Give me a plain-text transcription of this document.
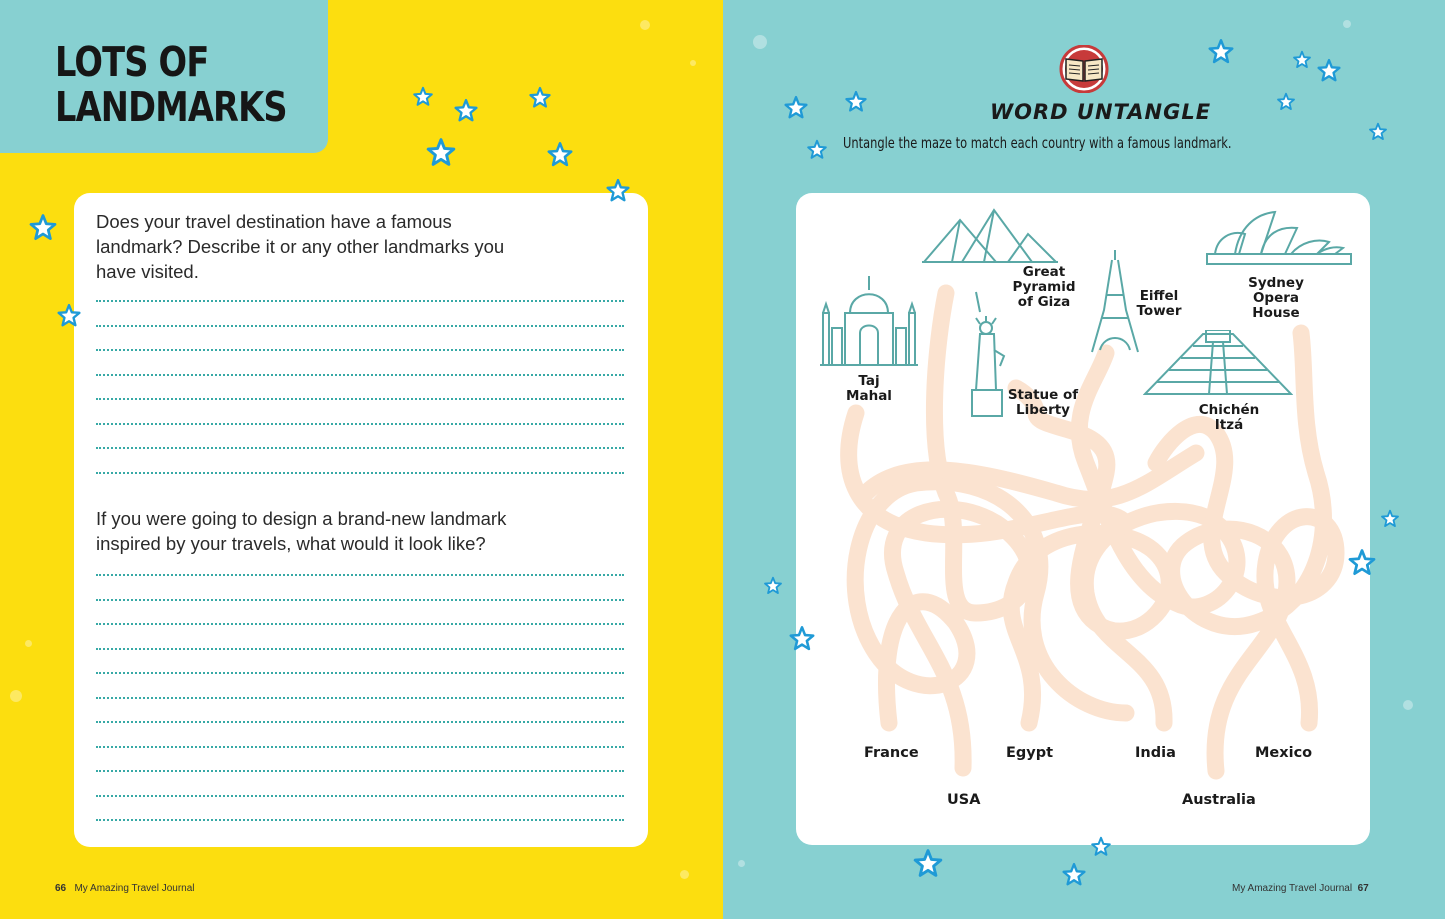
LOTS OF
LANDMARKS
Does your travel destination have a famous landmark? Describe it or any other landmarks you have visited.
If you were going to design a brand-new landmark inspired by your travels, what would it look like?
66 My Amazing Travel Journal
WORD UNTANGLE
Untangle the maze to match each country with a famous landmark.
Taj Mahal
Great Pyramid of Giza
Statue of Liberty
Eiffel Tower
Sydney Opera House
Chichén Itzá
France
USA
Egypt	India
Australia
Mexico
My Amazing Travel Journal 67
